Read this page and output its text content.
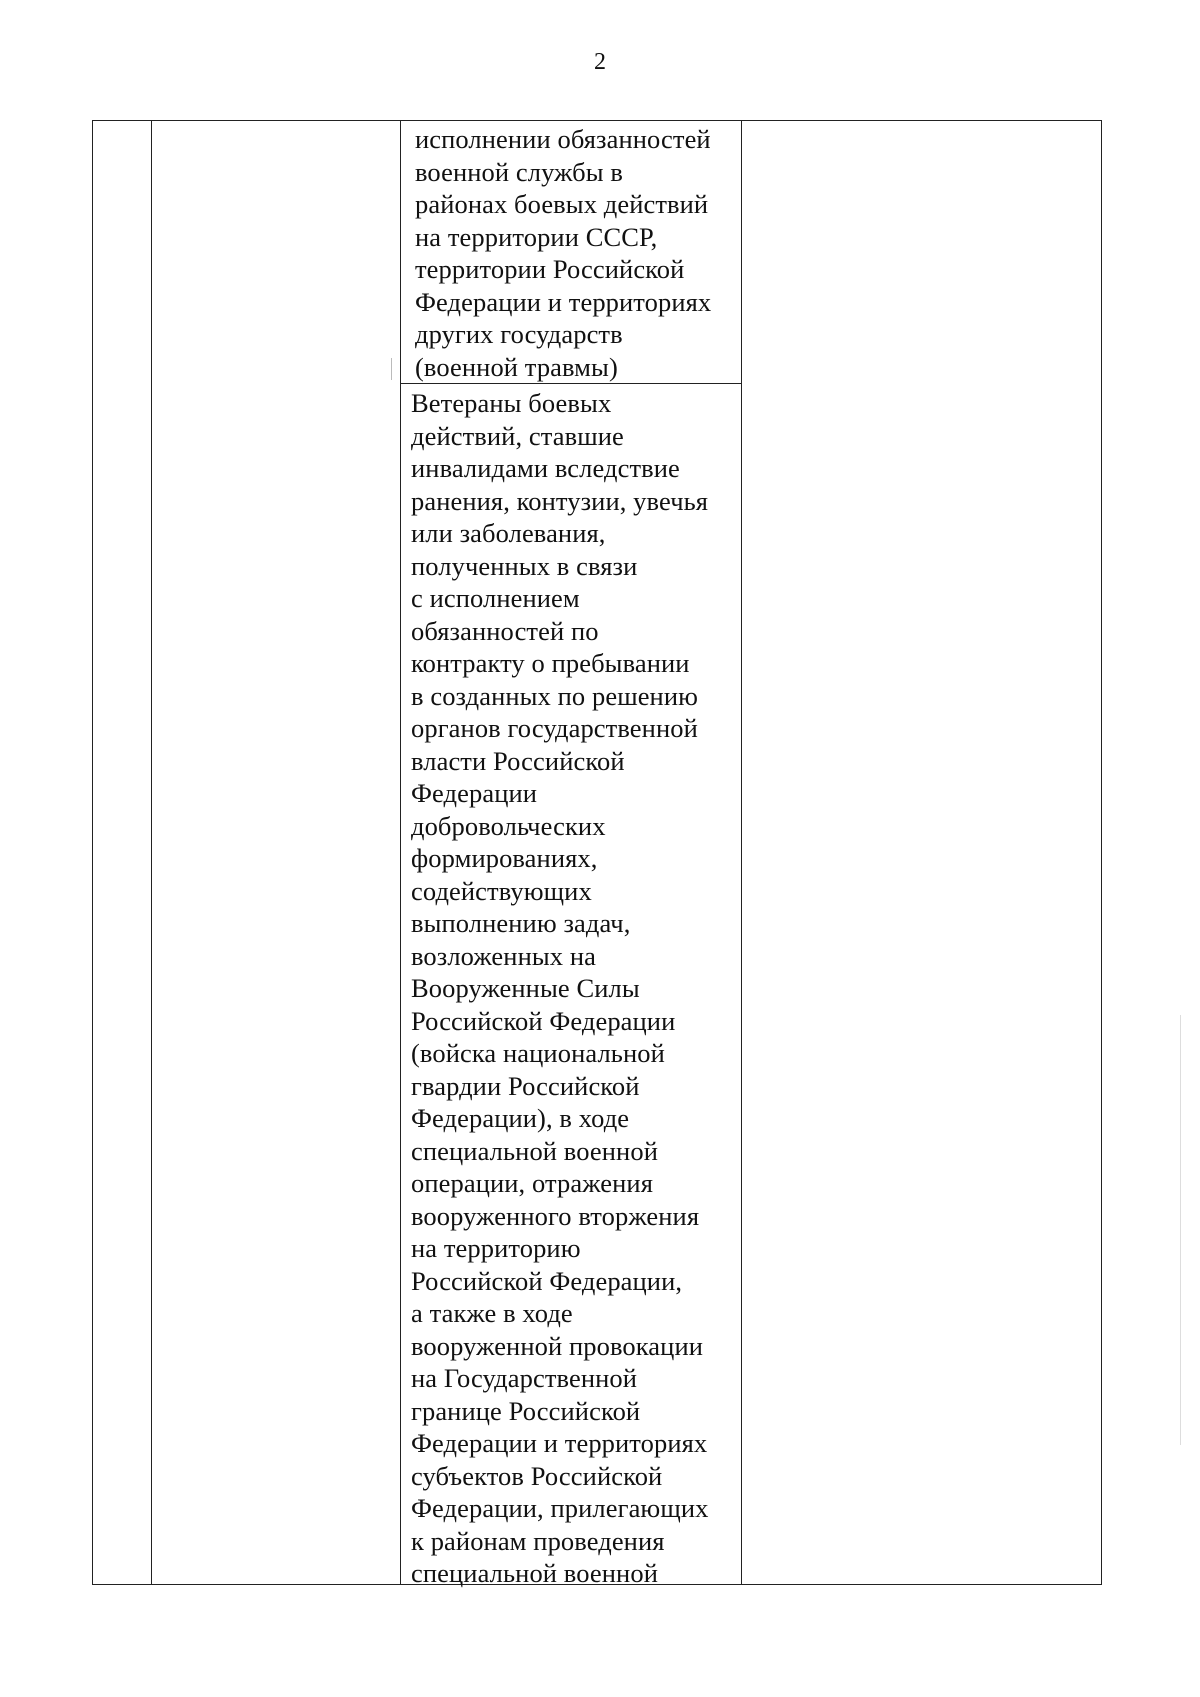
2
исполнении обязанностей
военной службы в
районах боевых действий
на территории СССР,
территории Российской
Федерации и территориях
других государств
(военной травмы)
Ветераны боевых
действий, ставшие
инвалидами вследствие
ранения, контузии, увечья
или заболевания,
полученных в связи
с исполнением
обязанностей по
контракту о пребывании
в созданных по решению
органов государственной
власти Российской
Федерации
добровольческих
формированиях,
содействующих
выполнению задач,
возложенных на
Вооруженные Силы
Российской Федерации
(войска национальной
гвардии Российской
Федерации), в ходе
специальной военной
операции, отражения
вооруженного вторжения
на территорию
Российской Федерации,
а также в ходе
вооруженной провокации
на Государственной
границе Российской
Федерации и территориях
субъектов Российской
Федерации, прилегающих
к районам проведения
специальной военной
